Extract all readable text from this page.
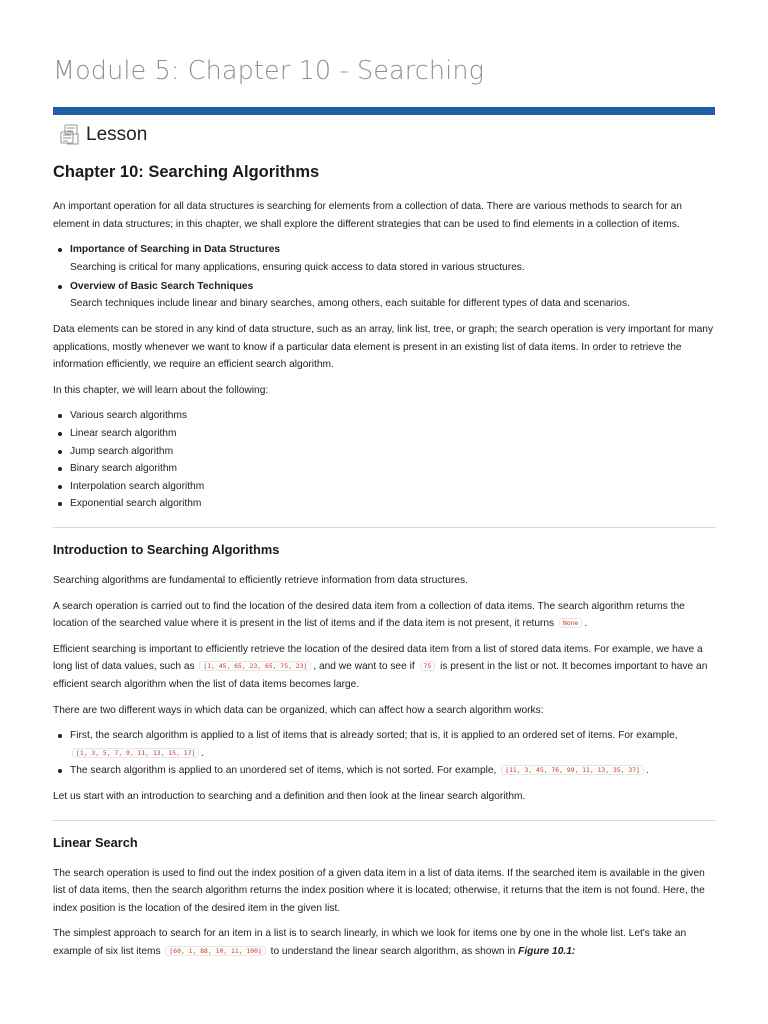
Module 5: Chapter 10 - Searching
Lesson
Chapter 10: Searching Algorithms

An important operation for all data structures is searching for elements from a collection of data. There are various methods to search for an element in data structures; in this chapter, we shall explore the different strategies that can be used to find elements in a collection of items.

Importance of Searching in Data Structures
Searching is critical for many applications, ensuring quick access to data stored in various structures.
Overview of Basic Search Techniques
Search techniques include linear and binary searches, among others, each suitable for different types of data and scenarios.

Data elements can be stored in any kind of data structure, such as an array, link list, tree, or graph; the search operation is very important for many applications, mostly whenever we want to know if a particular data element is present in an existing list of data items. In order to retrieve the information efficiently, we require an efficient search algorithm.

In this chapter, we will learn about the following:

Various search algorithms
Linear search algorithm
Jump search algorithm
Binary search algorithm
Interpolation search algorithm
Exponential search algorithm
Introduction to Searching Algorithms

Searching algorithms are fundamental to efficiently retrieve information from data structures.

A search operation is carried out to find the location of the desired data item from a collection of data items. The search algorithm returns the location of the searched value where it is present in the list of items and if the data item is not present, it returns None .

Efficient searching is important to efficiently retrieve the location of the desired data item from a list of stored data items. For example, we have a long list of data values, such as [1, 45, 65, 23, 65, 75, 23] , and we want to see if 75 is present in the list or not. It becomes important to have an efficient search algorithm when the list of data items becomes large.

There are two different ways in which data can be organized, which can affect how a search algorithm works:

First, the search algorithm is applied to a list of items that is already sorted; that is, it is applied to an ordered set of items. For example, [1, 3, 5, 7, 9, 11, 13, 15, 17] .
The search algorithm is applied to an unordered set of items, which is not sorted. For example, [11, 3, 45, 76, 99, 11, 13, 35, 37] .

Let us start with an introduction to searching and a definition and then look at the linear search algorithm.

Linear Search

The search operation is used to find out the index position of a given data item in a list of data items. If the searched item is available in the given list of data items, then the search algorithm returns the index position where it is located; otherwise, it returns that the item is not found. Here, the index position is the location of the desired item in the given list.

The simplest approach to search for an item in a list is to search linearly, in which we look for items one by one in the whole list. Let's take an example of six list items [60, 1, 88, 10, 11, 100] to understand the linear search algorithm, as shown in Figure 10.1:
